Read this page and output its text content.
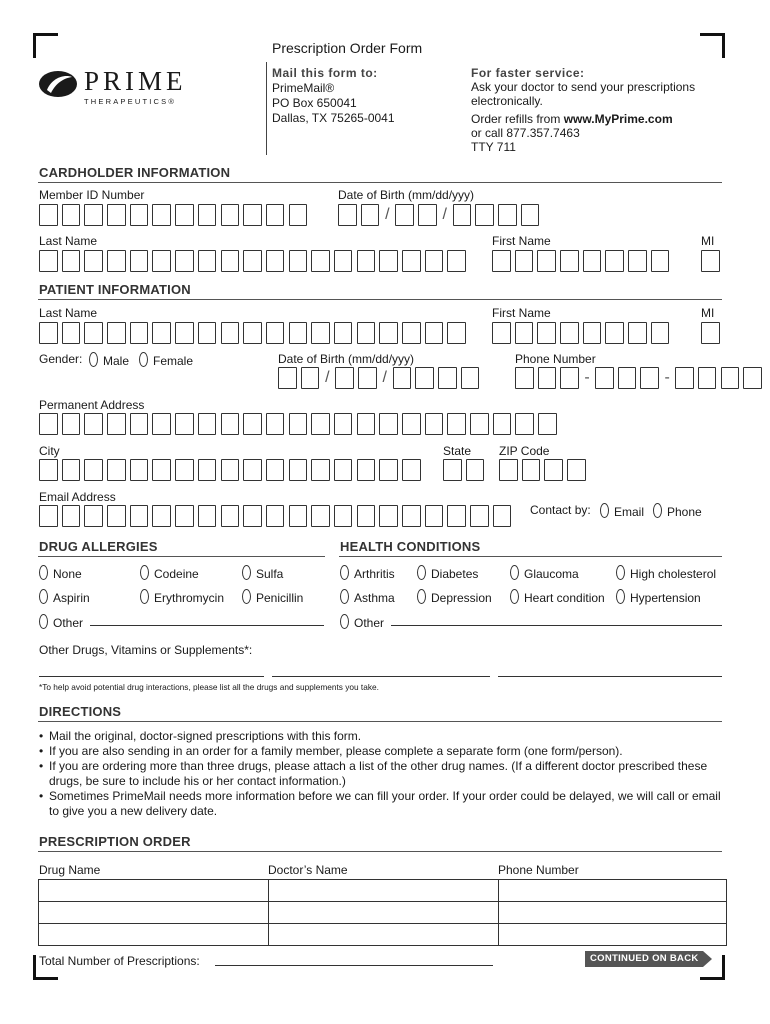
Prescription Order Form
PRIME
THERAPEUTICS®
Mail this form to:
PrimeMail®
PO Box 650041
Dallas, TX 75265-0041
For faster service:
Ask your doctor to send your prescriptions
electronically.
Order refills from www.MyPrime.com
or call 877.357.7463
TTY 711
CARDHOLDER INFORMATION
Member ID Number	Date of Birth (mm/dd/yyy)
/	/
Last Name	First Name	MI
PATIENT INFORMATION
Last Name	First Name	MI
Gender:	Male	Female	Date of Birth (mm/dd/yyy)	Phone Number
/	/	-	-
Permanent Address
City	State ZIP Code
Email Address
Contact by:	Email	Phone
DRUG ALLERGIES	HEALTH CONDITIONS
None	Codeine	Sulfa
Aspirin	Erythromycin	Penicillin
Other
Arthritis	Diabetes	Glaucoma	High cholesterol
Asthma	Depression	Heart condition	Hypertension
Other
Other Drugs, Vitamins or Supplements*:
*To help avoid potential drug interactions, please list all the drugs and supplements you take.
DIRECTIONS
• Mail the original, doctor-signed prescriptions with this form.
• If you are also sending in an order for a family member, please complete a separate form (one form/person).
• If you are ordering more than three drugs, please attach a list of the other drug names. (If a different doctor prescribed these drugs, be sure to include his or her contact information.)
• Sometimes PrimeMail needs more information before we can fill your order. If your order could be delayed, we will call or email to give you a new delivery date.
PRESCRIPTION ORDER
Drug Name	Doctor’s Name	Phone Number

Total Number of Prescriptions:	CONTINUED ON BACK
